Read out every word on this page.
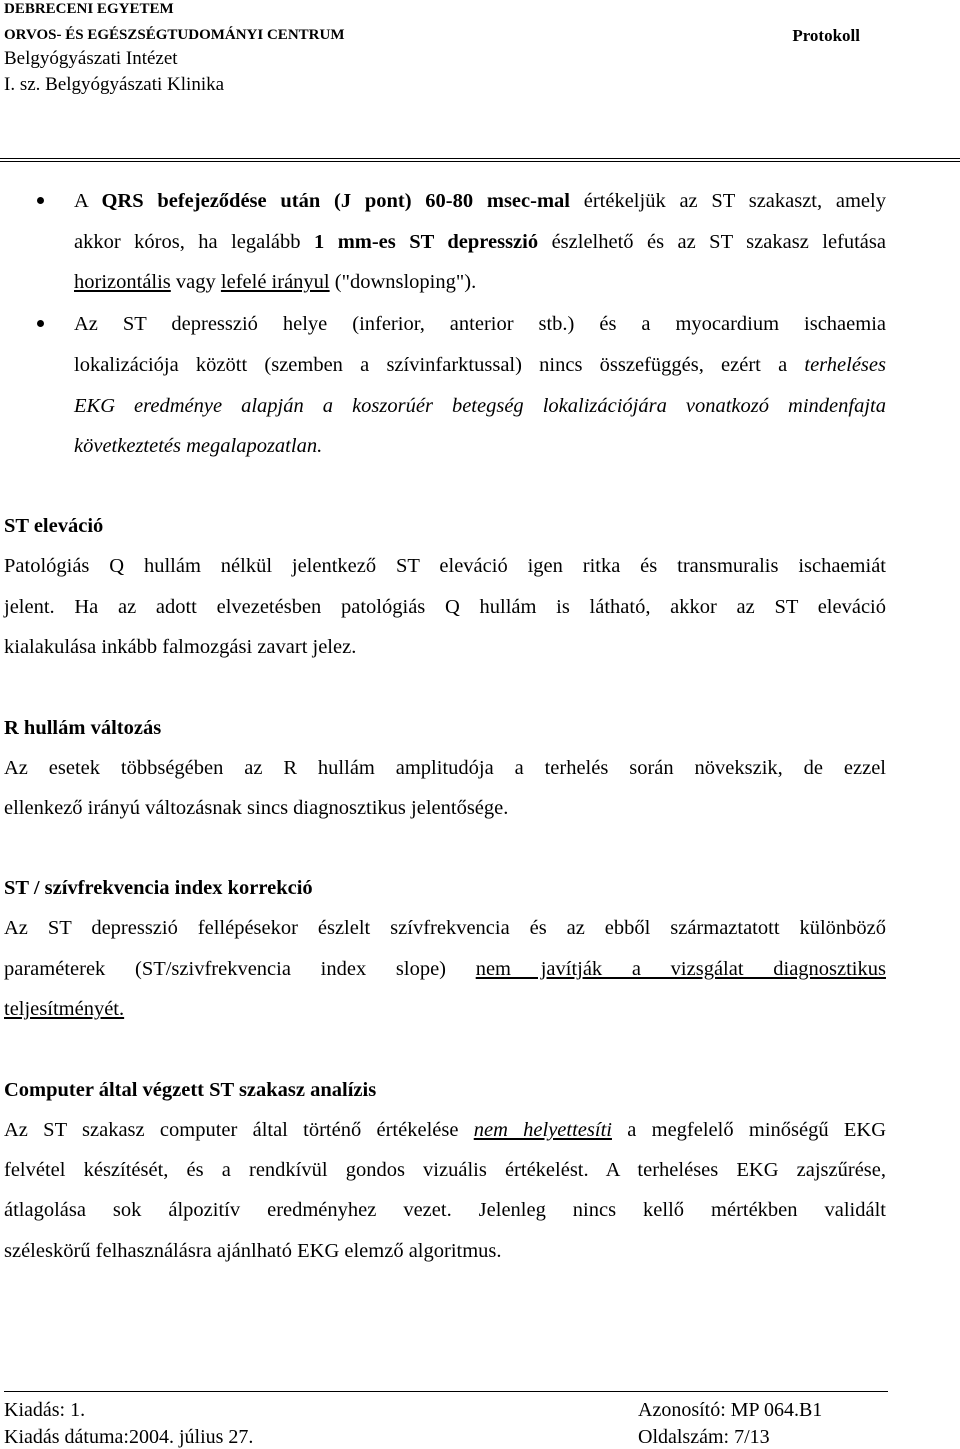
DEBRECENI EGYETEM
ORVOS- ÉS EGÉSZSÉGTUDOMÁNYI CENTRUM
Belgyógyászati Intézet
I. sz. Belgyógyászati Klinika
Protokoll
A QRS befejeződése után (J pont) 60-80 msec-mal értékeljük az ST szakaszt, amely
akkor kóros, ha legalább 1 mm-es ST depresszió észlelhető és az ST szakasz lefutása
horizontális vagy lefelé irányul ("downsloping").
Az ST depresszió helye (inferior, anterior stb.) és a myocardium ischaemia
lokalizációja között (szemben a szívinfarktussal) nincs összefüggés, ezért a terheléses
EKG eredménye alapján a koszorúér betegség lokalizációjára vonatkozó mindenfajta
következtetés megalapozatlan.
ST eleváció
Patológiás Q hullám nélkül jelentkező ST eleváció igen ritka és transmuralis ischaemiát
jelent. Ha az adott elvezetésben patológiás Q hullám is látható, akkor az ST eleváció
kialakulása inkább falmozgási zavart jelez.
R hullám változás
Az esetek többségében az R hullám amplitudója a terhelés során növekszik, de ezzel
ellenkező irányú változásnak sincs diagnosztikus jelentősége.
ST / szívfrekvencia index korrekció
Az ST depresszió fellépésekor észlelt szívfrekvencia és az ebből származtatott különböző
paraméterek (ST/szivfrekvencia index slope) nem javítják a vizsgálat diagnosztikus
teljesítményét.
Computer által végzett ST szakasz analízis
Az ST szakasz computer által történő értékelése nem helyettesíti a megfelelő minőségű EKG
felvétel készítését, és a rendkívül gondos vizuális értékelést. A terheléses EKG zajszűrése,
átlagolása sok álpozitív eredményhez vezet. Jelenleg nincs kellő mértékben validált
széleskörű felhasználásra ajánlható EKG elemző algoritmus.
Kiadás: 1.	Azonosító: MP 064.B1
Kiadás dátuma:2004. július 27.	Oldalszám: 7/13
